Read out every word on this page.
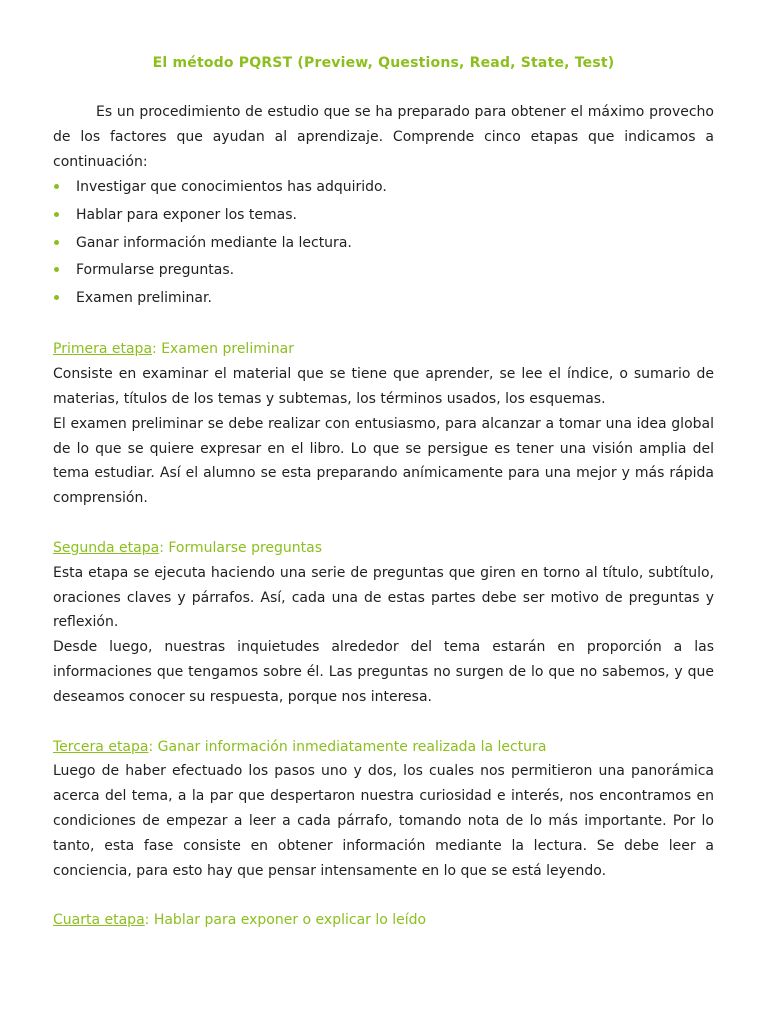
El método PQRST (Preview, Questions, Read, State, Test)

Es un procedimiento de estudio que se ha preparado para obtener el máximo provecho de los factores que ayudan al aprendizaje. Comprende cinco etapas que indicamos a continuación:

Investigar que conocimientos has adquirido.
Hablar para exponer los temas.
Ganar información mediante la lectura.
Formularse preguntas.
Examen preliminar.

Primera etapa: Examen preliminar

Consiste en examinar el material que se tiene que aprender, se lee el índice, o sumario de materias, títulos de los temas y subtemas, los términos usados, los esquemas.

El examen preliminar se debe realizar con entusiasmo, para alcanzar a tomar una idea global de lo que se quiere expresar en el libro. Lo que se persigue es tener una visión amplia del tema estudiar. Así el alumno se esta preparando anímicamente para una mejor y más rápida comprensión.

Segunda etapa: Formularse preguntas

Esta etapa se ejecuta haciendo una serie de preguntas que giren en torno al título, subtítulo, oraciones claves y párrafos. Así, cada una de estas partes debe ser motivo de preguntas y reflexión.

Desde luego, nuestras inquietudes alrededor del tema estarán en proporción a las informaciones que tengamos sobre él. Las preguntas no surgen de lo que no sabemos, y que deseamos conocer su respuesta, porque nos interesa.

Tercera etapa: Ganar información inmediatamente realizada la lectura

Luego de haber efectuado los pasos uno y dos, los cuales nos permitieron una panorámica acerca del tema, a la par que despertaron nuestra curiosidad e interés, nos encontramos en condiciones de empezar a leer a cada párrafo, tomando nota de lo más importante. Por lo tanto, esta fase consiste en obtener información mediante la lectura. Se debe leer a conciencia, para esto hay que pensar intensamente en lo que se está leyendo.

Cuarta etapa: Hablar para exponer o explicar lo leído
